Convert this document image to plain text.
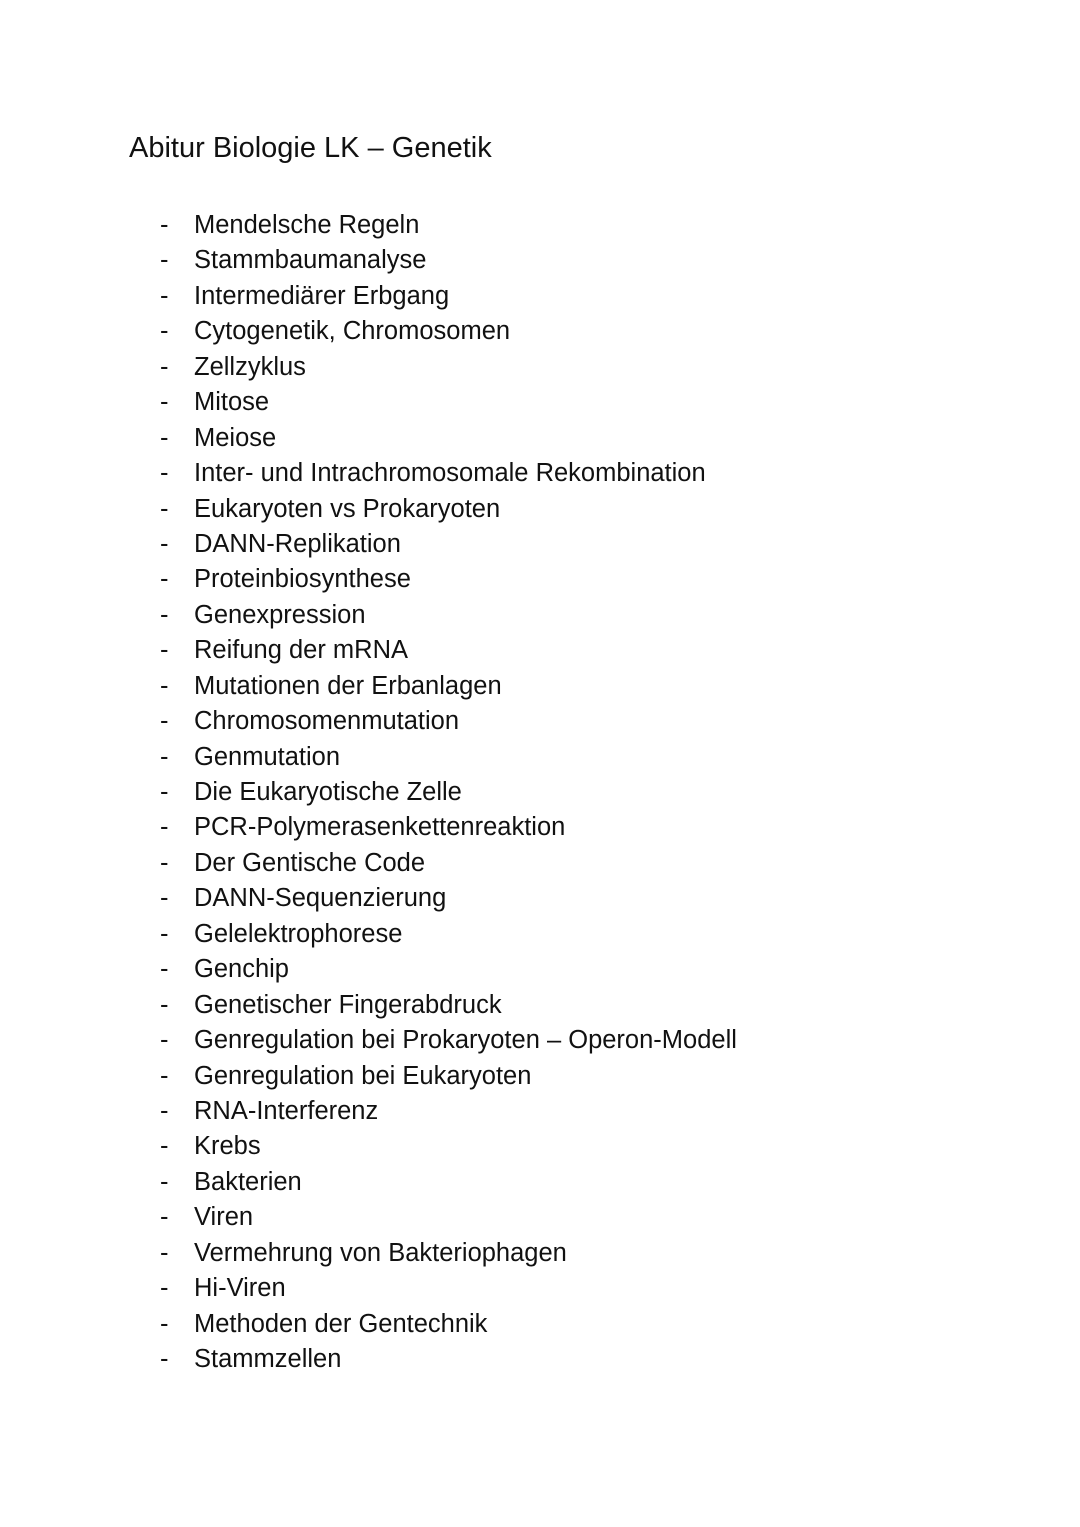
Abitur Biologie LK – Genetik
- Mendelsche Regeln
- Stammbaumanalyse
- Intermediärer Erbgang
- Cytogenetik, Chromosomen
- Zellzyklus
- Mitose
- Meiose
- Inter- und Intrachromosomale Rekombination
- Eukaryoten vs Prokaryoten
- DANN-Replikation
- Proteinbiosynthese
- Genexpression
- Reifung der mRNA
- Mutationen der Erbanlagen
- Chromosomenmutation
- Genmutation
- Die Eukaryotische Zelle
- PCR-Polymerasenkettenreaktion
- Der Gentische Code
- DANN-Sequenzierung
- Gelelektrophorese
- Genchip
- Genetischer Fingerabdruck
- Genregulation bei Prokaryoten – Operon-Modell
- Genregulation bei Eukaryoten
- RNA-Interferenz
- Krebs
- Bakterien
- Viren
- Vermehrung von Bakteriophagen
- Hi-Viren
- Methoden der Gentechnik
- Stammzellen
